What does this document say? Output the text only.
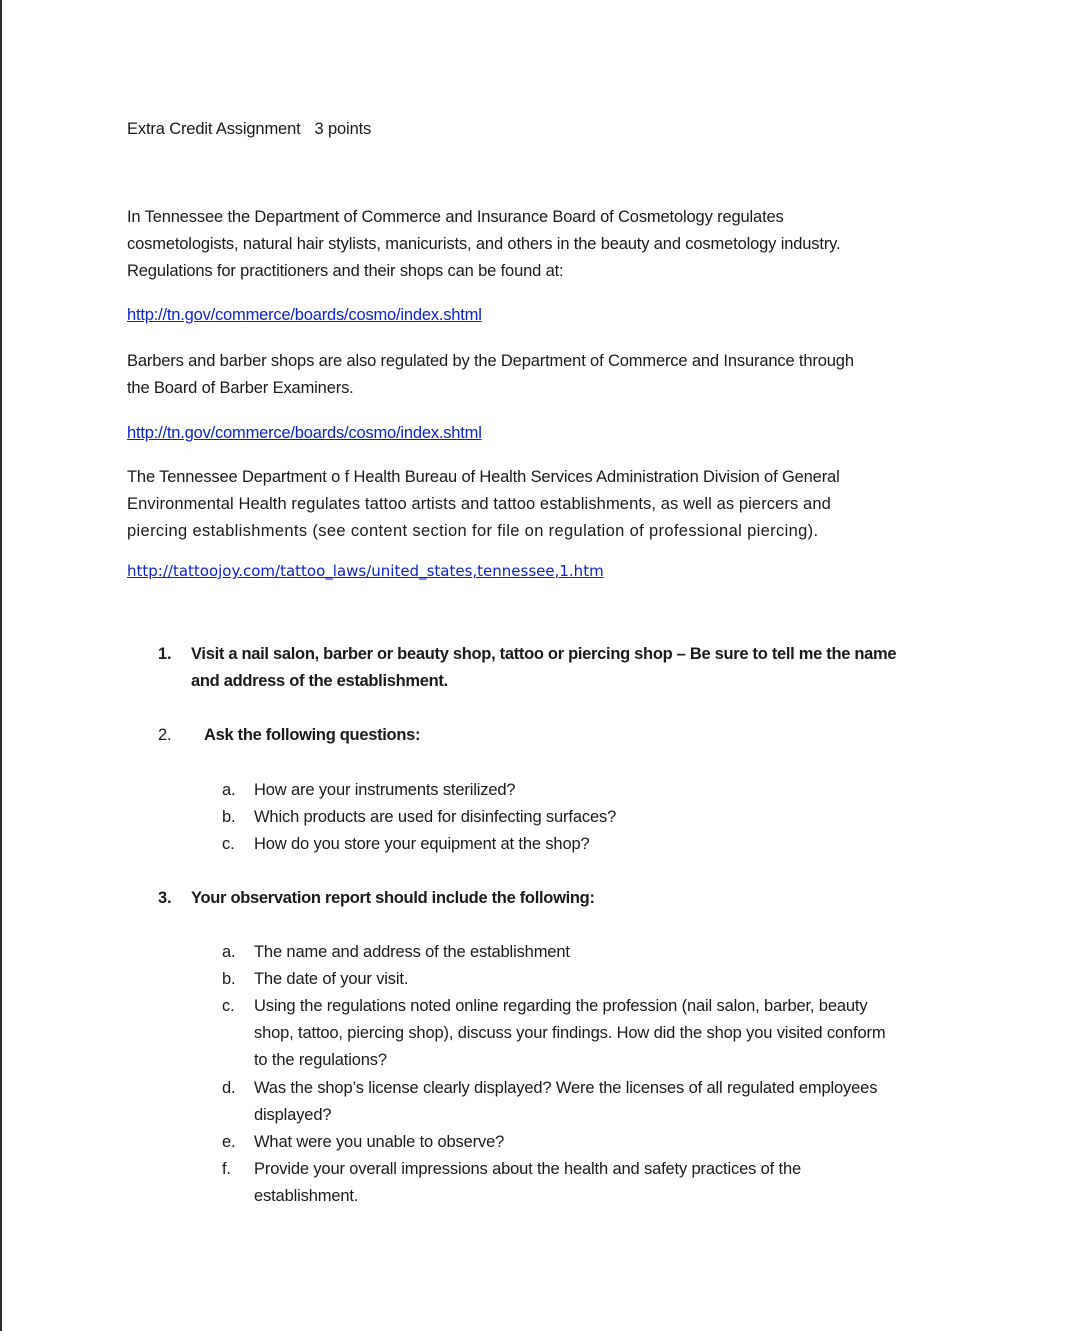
Extra Credit Assignment 3 points
In Tennessee the Department of Commerce and Insurance Board of Cosmetology regulates
cosmetologists, natural hair stylists, manicurists, and others in the beauty and cosmetology industry.
Regulations for practitioners and their shops can be found at:
http://tn.gov/commerce/boards/cosmo/index.shtml
Barbers and barber shops are also regulated by the Department of Commerce and Insurance through
the Board of Barber Examiners.
http://tn.gov/commerce/boards/cosmo/index.shtml
The Tennessee Department o f Health Bureau of Health Services Administration Division of General
Environmental Health regulates tattoo artists and tattoo establishments, as well as piercers and
piercing establishments (see content section for file on regulation of professional piercing).
http://tattoojoy.com/tattoo_laws/united_states,tennessee,1.htm
1. Visit a nail salon, barber or beauty shop, tattoo or piercing shop – Be sure to tell me the name
and address of the establishment.
2. Ask the following questions:
a. How are your instruments sterilized?
b. Which products are used for disinfecting surfaces?
c. How do you store your equipment at the shop?
3. Your observation report should include the following:
a. The name and address of the establishment
b. The date of your visit.
c. Using the regulations noted online regarding the profession (nail salon, barber, beauty
shop, tattoo, piercing shop), discuss your findings. How did the shop you visited conform
to the regulations?
d. Was the shop’s license clearly displayed? Were the licenses of all regulated employees
displayed?
e. What were you unable to observe?
f. Provide your overall impressions about the health and safety practices of the
establishment.
